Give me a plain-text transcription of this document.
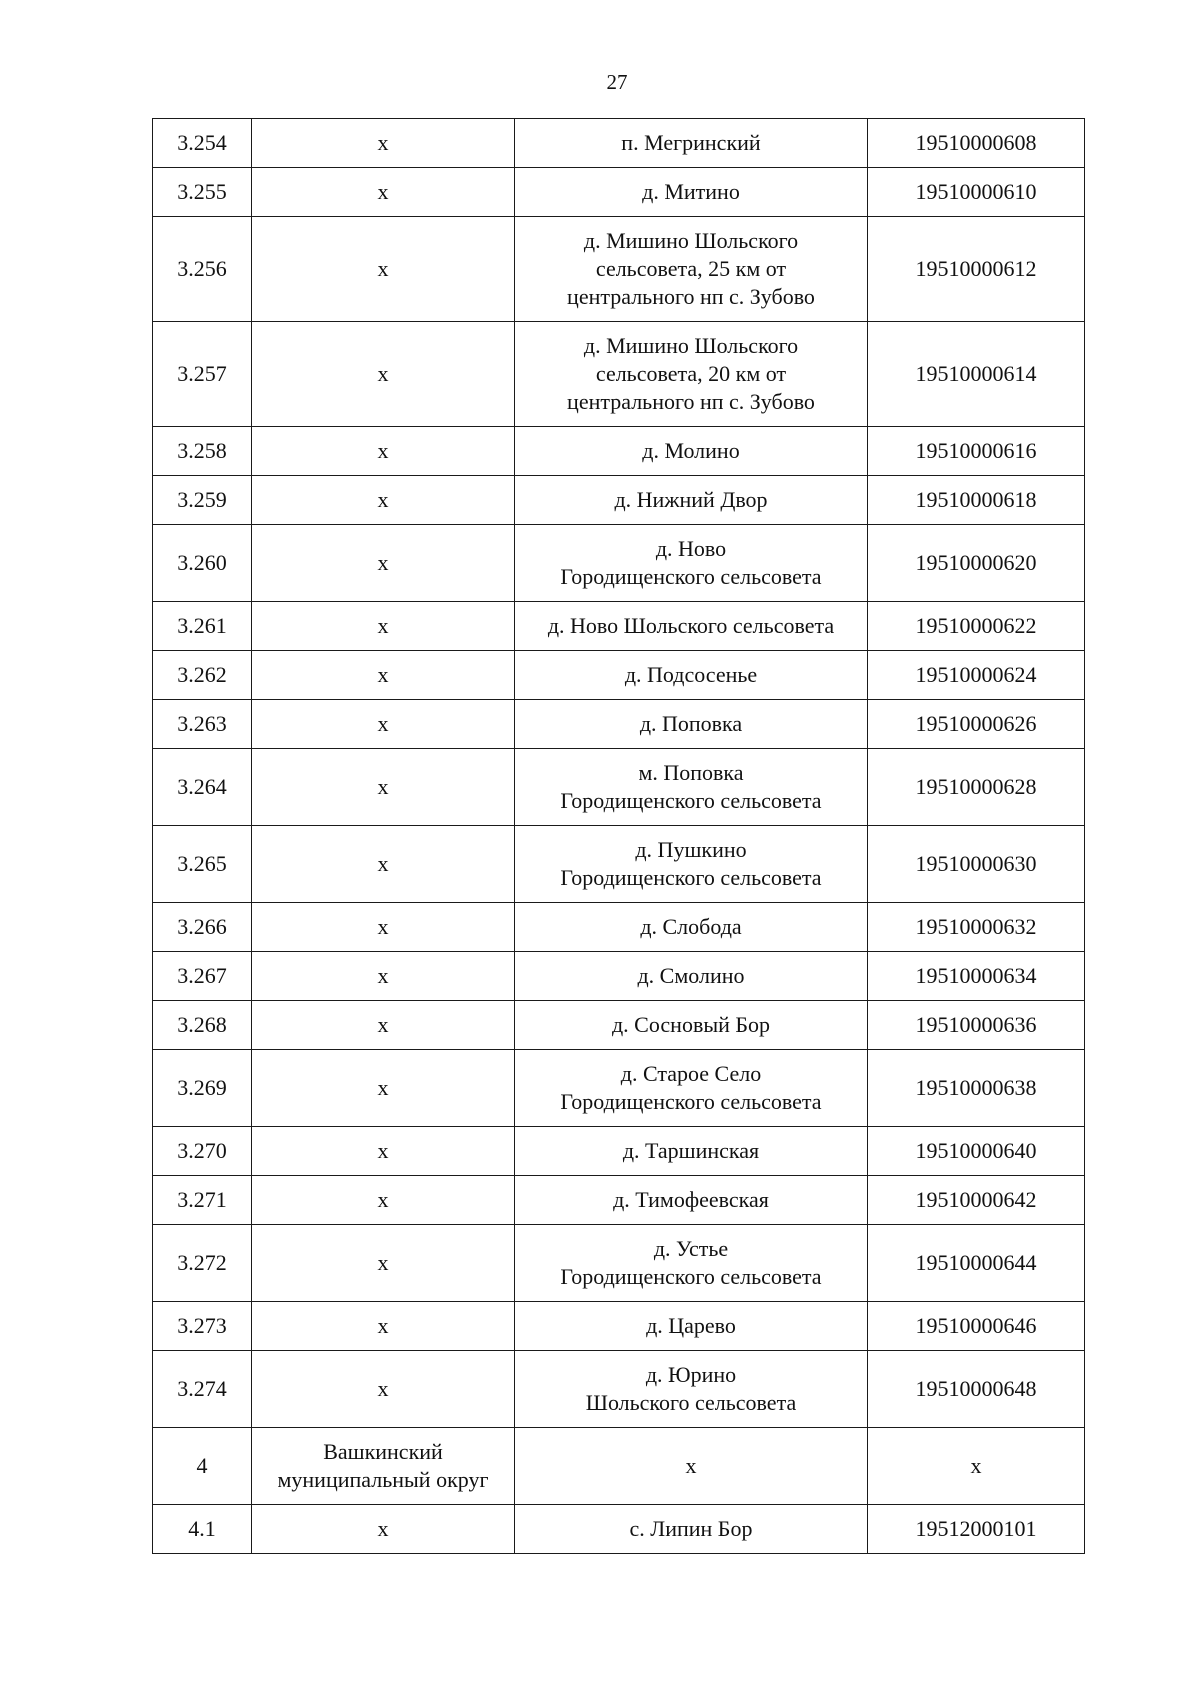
27
3.254	х	п. Мегринский	19510000608
3.255	х	д. Митино	19510000610
3.256	х	д. Мишино Шольского
сельсовета, 25 км от
центрального нп с. Зубово	19510000612
3.257	х	д. Мишино Шольского
сельсовета, 20 км от
центрального нп с. Зубово	19510000614
3.258	х	д. Молино	19510000616
3.259	х	д. Нижний Двор	19510000618
3.260	х	д. Ново
Городищенского сельсовета	19510000620
3.261	х	д. Ново Шольского сельсовета	19510000622
3.262	х	д. Подсосенье	19510000624
3.263	х	д. Поповка	19510000626
3.264	х	м. Поповка
Городищенского сельсовета	19510000628
3.265	х	д. Пушкино
Городищенского сельсовета	19510000630
3.266	х	д. Слобода	19510000632
3.267	х	д. Смолино	19510000634
3.268	х	д. Сосновый Бор	19510000636
3.269	х	д. Старое Село
Городищенского сельсовета	19510000638
3.270	х	д. Таршинская	19510000640
3.271	х	д. Тимофеевская	19510000642
3.272	х	д. Устье
Городищенского сельсовета	19510000644
3.273	х	д. Царево	19510000646
3.274	х	д. Юрино
Шольского сельсовета	19510000648
4	Вашкинский
муниципальный округ	х	х
4.1	х	с. Липин Бор	19512000101
